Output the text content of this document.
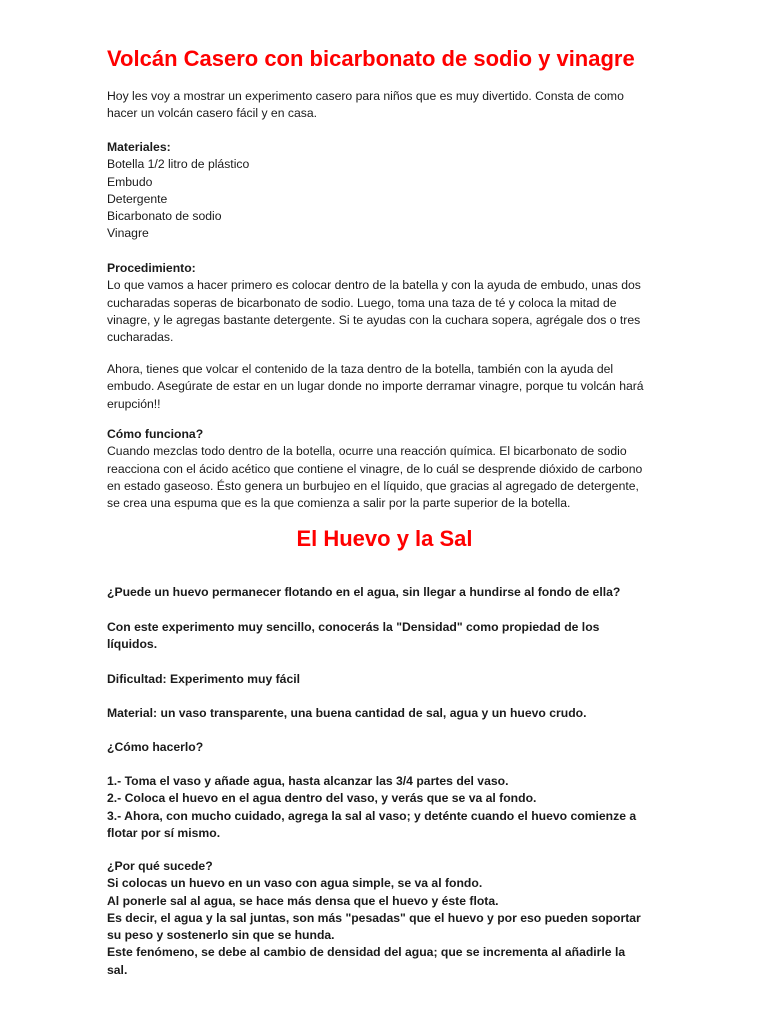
Volcán Casero con bicarbonato de sodio y vinagre
Hoy les voy a mostrar un experimento casero para niños que es muy divertido. Consta de como
hacer un volcán casero fácil y en casa.
Materiales:
Botella 1/2 litro de plástico
Embudo
Detergente
Bicarbonato de sodio
Vinagre
Procedimiento:
Lo que vamos a hacer primero es colocar dentro de la batella y con la ayuda de embudo, unas dos
cucharadas soperas de bicarbonato de sodio. Luego, toma una taza de té y coloca la mitad de
vinagre, y le agregas bastante detergente. Si te ayudas con la cuchara sopera, agrégale dos o tres
cucharadas.
Ahora, tienes que volcar el contenido de la taza dentro de la botella, también con la ayuda del
embudo. Asegúrate de estar en un lugar donde no importe derramar vinagre, porque tu volcán hará
erupción!!
Cómo funciona?
Cuando mezclas todo dentro de la botella, ocurre una reacción química. El bicarbonato de sodio
reacciona con el ácido acético que contiene el vinagre, de lo cuál se desprende dióxido de carbono
en estado gaseoso. Ésto genera un burbujeo en el líquido, que gracias al agregado de detergente,
se crea una espuma que es la que comienza a salir por la parte superior de la botella.
El Huevo y la Sal
¿Puede un huevo permanecer flotando en el agua, sin llegar a hundirse al fondo de ella?
Con este experimento muy sencillo, conocerás la "Densidad" como propiedad de los
líquidos.
Dificultad: Experimento muy fácil
Material: un vaso transparente, una buena cantidad de sal, agua y un huevo crudo.
¿Cómo hacerlo?
1.- Toma el vaso y añade agua, hasta alcanzar las 3/4 partes del vaso.
2.- Coloca el huevo en el agua dentro del vaso, y verás que se va al fondo.
3.- Ahora, con mucho cuidado, agrega la sal al vaso; y deténte cuando el huevo comienze a
flotar por sí mismo.
¿Por qué sucede?
Si colocas un huevo en un vaso con agua simple, se va al fondo.
Al ponerle sal al agua, se hace más densa que el huevo y éste flota.
Es decir, el agua y la sal juntas, son más "pesadas" que el huevo y por eso pueden soportar
su peso y sostenerlo sin que se hunda.
Este fenómeno, se debe al cambio de densidad del agua; que se incrementa al añadirle la
sal.
